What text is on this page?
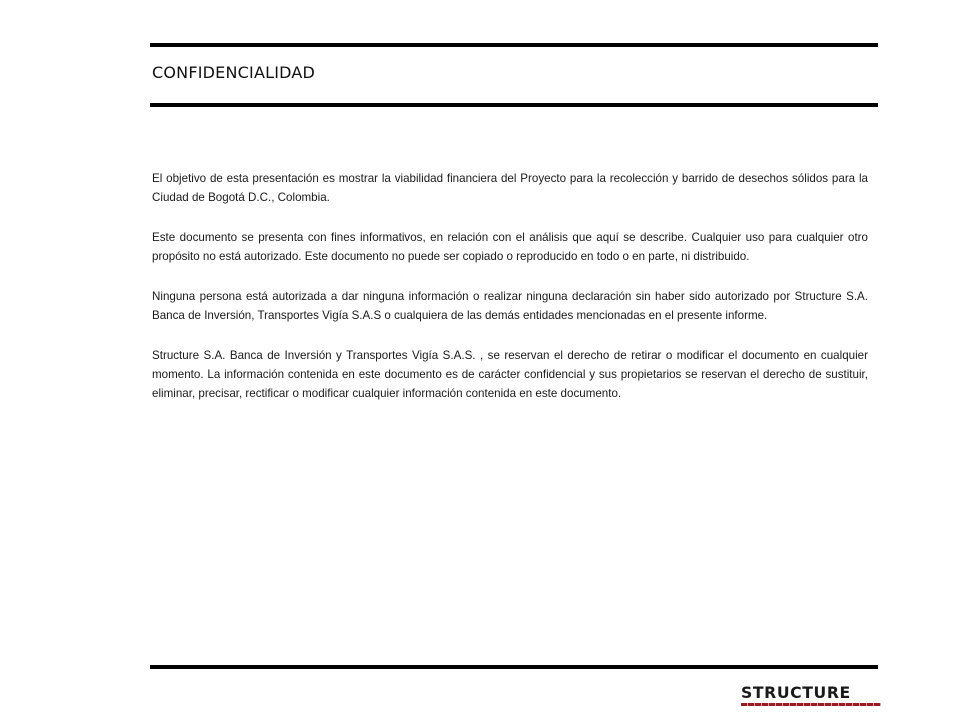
CONFIDENCIALIDAD

El objetivo de esta presentación es mostrar la viabilidad financiera del Proyecto para la recolección y barrido de desechos sólidos para la Ciudad de Bogotá D.C., Colombia.

Este documento se presenta con fines informativos, en relación con el análisis que aquí se describe. Cualquier uso para cualquier otro propósito no está autorizado. Este documento no puede ser copiado o reproducido en todo o en parte, ni distribuido.

Ninguna persona está autorizada a dar ninguna información o realizar ninguna declaración sin haber sido autorizado por Structure S.A. Banca de Inversión, Transportes Vigía S.A.S o cualquiera de las demás entidades mencionadas en el presente informe.

Structure S.A. Banca de Inversión y Transportes Vigía S.A.S. , se reservan el derecho de retirar o modificar el documento en cualquier momento. La información contenida en este documento es de carácter confidencial y sus propietarios se reservan el derecho de sustituir, eliminar, precisar, rectificar o modificar cualquier información contenida en este documento.

STRUCTURE
